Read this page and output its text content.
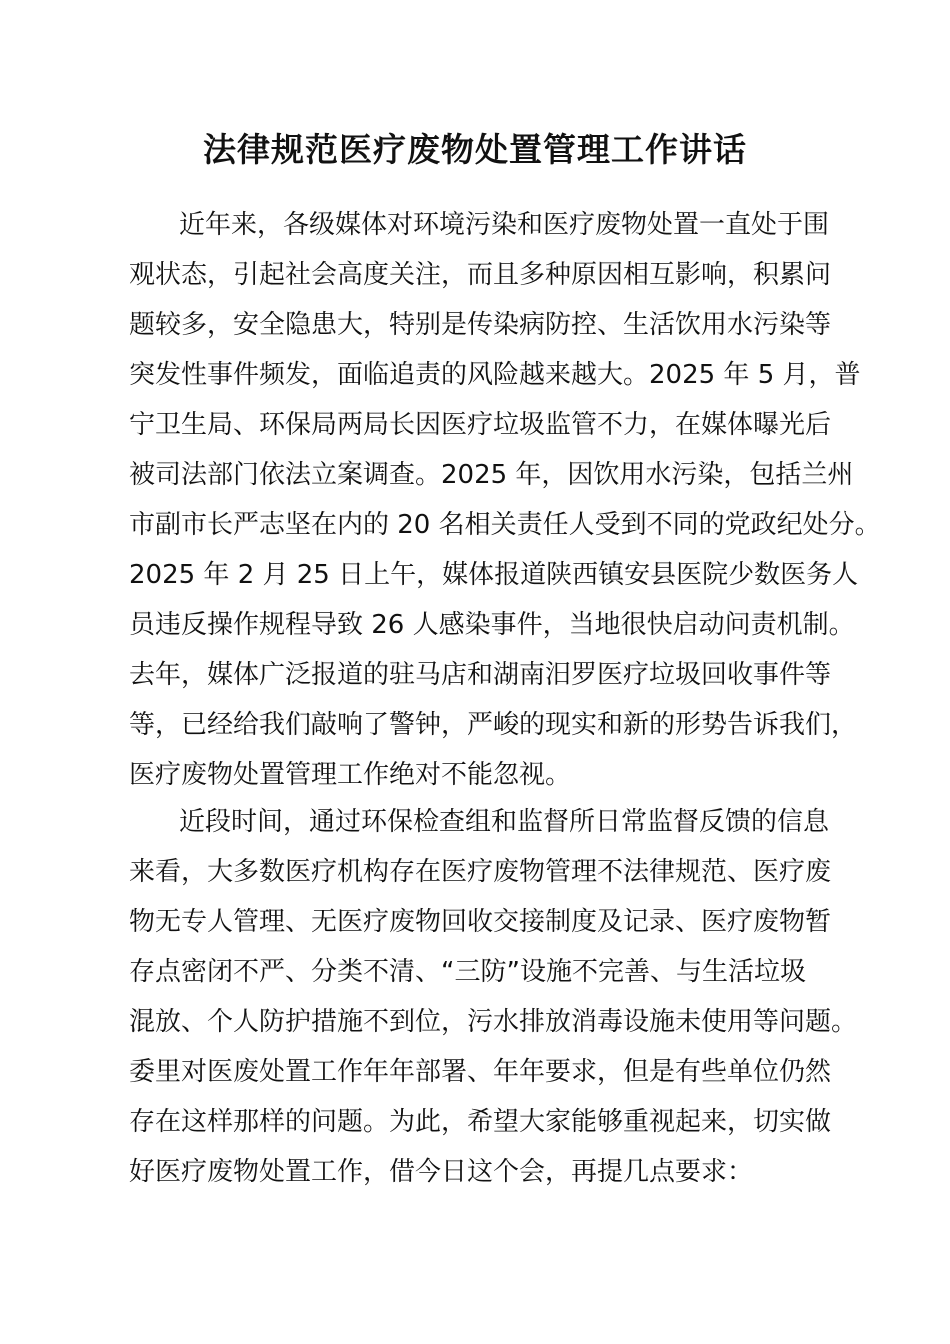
法律规范医疗废物处置管理工作讲话
近年来，各级媒体对环境污染和医疗废物处置一直处于围
观状态，引起社会高度关注，而且多种原因相互影响，积累问
题较多，安全隐患大，特别是传染病防控、生活饮用水污染等
突发性事件频发，面临追责的风险越来越大。2025 年 5 月，普
宁卫生局、环保局两局长因医疗垃圾监管不力，在媒体曝光后
被司法部门依法立案调查。2025 年，因饮用水污染，包括兰州
市副市长严志坚在内的 20 名相关责任人受到不同的党政纪处分。
2025 年 2 月 25 日上午，媒体报道陕西镇安县医院少数医务人
员违反操作规程导致 26 人感染事件，当地很快启动问责机制。
去年，媒体广泛报道的驻马店和湖南汨罗医疗垃圾回收事件等
等，已经给我们敲响了警钟，严峻的现实和新的形势告诉我们，
医疗废物处置管理工作绝对不能忽视。
近段时间，通过环保检查组和监督所日常监督反馈的信息
来看，大多数医疗机构存在医疗废物管理不法律规范、医疗废
物无专人管理、无医疗废物回收交接制度及记录、医疗废物暂
存点密闭不严、分类不清、“三防”设施不完善、与生活垃圾
混放、个人防护措施不到位，污水排放消毒设施未使用等问题。
委里对医废处置工作年年部署、年年要求，但是有些单位仍然
存在这样那样的问题。为此，希望大家能够重视起来，切实做
好医疗废物处置工作，借今日这个会，再提几点要求：
